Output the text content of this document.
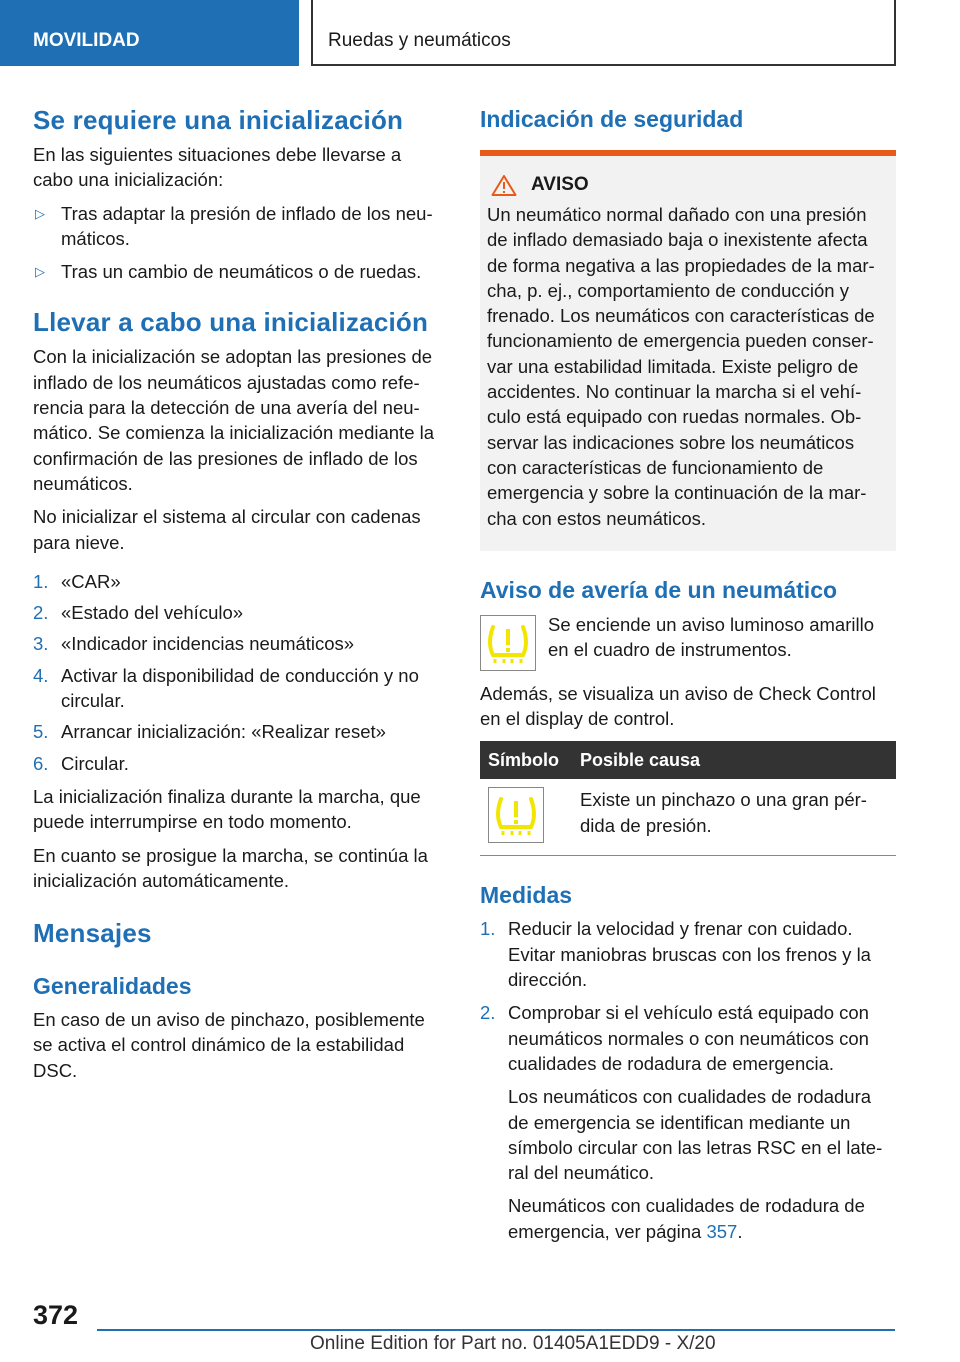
MOVILIDAD	Ruedas y neumáticos
Se requiere una inicialización

En las siguientes situaciones debe llevarse a cabo una inicialización:

▷ Tras adaptar la presión de inflado de los neu- máticos.
▷ Tras un cambio de neumáticos o de ruedas.
Llevar a cabo una inicialización

Con la inicialización se adoptan las presiones de inflado de los neumáticos ajustadas como refe- rencia para la detección de una avería del neu- mático. Se comienza la inicialización mediante la confirmación de las presiones de inflado de los neumáticos.

No inicializar el sistema al circular con cadenas para nieve.

1. «CAR»
2. «Estado del vehículo»
3. «Indicador incidencias neumáticos»
4. Activar la disponibilidad de conducción y no circular.
5. Arrancar inicialización: «Realizar reset»
6. Circular.

La inicialización finaliza durante la marcha, que puede interrumpirse en todo momento.

En cuanto se prosigue la marcha, se continúa la inicialización automáticamente.

Mensajes
Generalidades

En caso de un aviso de pinchazo, posiblemente se activa el control dinámico de la estabilidad DSC.

Indicación de seguridad
AVISO

Un neumático normal dañado con una presión de inflado demasiado baja o inexistente afecta de forma negativa a las propiedades de la mar- cha, p. ej., comportamiento de conducción y frenado. Los neumáticos con características de funcionamiento de emergencia pueden conser- var una estabilidad limitada. Existe peligro de accidentes. No continuar la marcha si el vehí- culo está equipado con ruedas normales. Ob- servar las indicaciones sobre los neumáticos con características de funcionamiento de emergencia y sobre la continuación de la mar- cha con estos neumáticos.

Aviso de avería de un neumático

Se enciende un aviso luminoso amarillo en el cuadro de instrumentos.

Además, se visualiza un aviso de Check Control en el display de control.

Símbolo	Posible causa

	Existe un pinchazo o una gran pér- dida de presión.
Medidas
1. Reducir la velocidad y frenar con cuidado. Evitar maniobras bruscas con los frenos y la dirección.
2. Comprobar si el vehículo está equipado con neumáticos normales o con neumáticos con cualidades de rodadura de emergencia.

Los neumáticos con cualidades de rodadura de emergencia se identifican mediante un símbolo circular con las letras RSC en el late- ral del neumático.

Neumáticos con cualidades de rodadura de emergencia, ver página 357.

372
Online Edition for Part no. 01405A1EDD9 - X/20
